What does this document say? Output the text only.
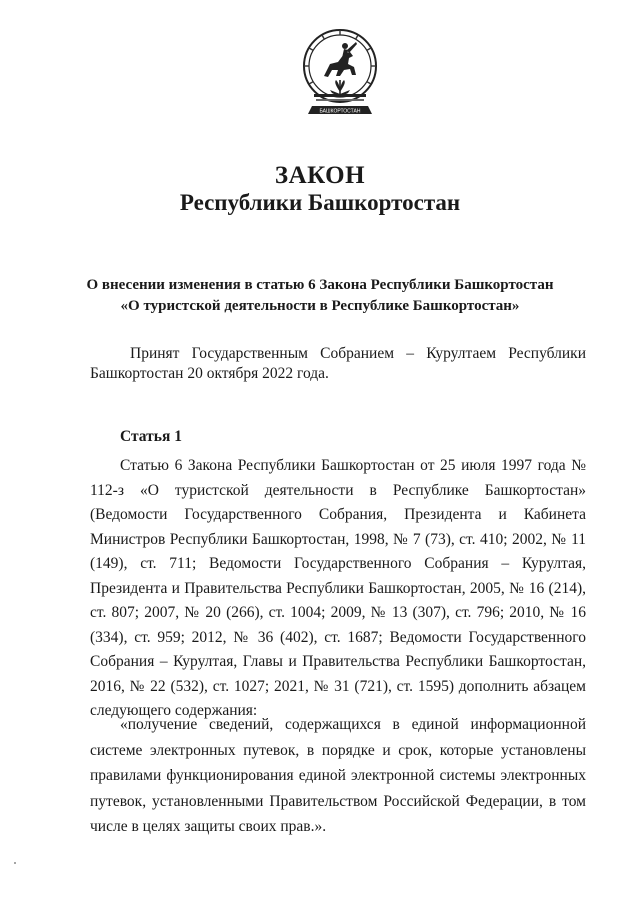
БАШКОРТОСТАН
ЗАКОН
Республики Башкортостан
О внесении изменения в статью 6 Закона Республики Башкортостан
«О туристской деятельности в Республике Башкортостан»

Принят Государственным Собранием – Курултаем Республики Башкортостан 20 октября 2022 года.

Статья 1

Статью 6 Закона Республики Башкортостан от 25 июля 1997 года № 112-з «О туристской деятельности в Республике Башкортостан» (Ведомости Государственного Собрания, Президента и Кабинета Министров Республики Башкортостан, 1998, № 7 (73), ст. 410; 2002, № 11 (149), ст. 711; Ведомости Государственного Собрания – Курултая, Президента и Правительства Республики Башкортостан, 2005, № 16 (214), ст. 807; 2007, № 20 (266), ст. 1004; 2009, № 13 (307), ст. 796; 2010, № 16 (334), ст. 959; 2012, № 36 (402), ст. 1687; Ведомости Государственного Собрания – Курултая, Главы и Правительства Республики Башкортостан, 2016, № 22 (532), ст. 1027; 2021, № 31 (721), ст. 1595) дополнить абзацем следующего содержания:

«получение сведений, содержащихся в единой информационной системе электронных путевок, в порядке и срок, которые установлены правилами функционирования единой электронной системы электронных путевок, установленными Правительством Российской Федерации, в том числе в целях защиты своих прав.».
